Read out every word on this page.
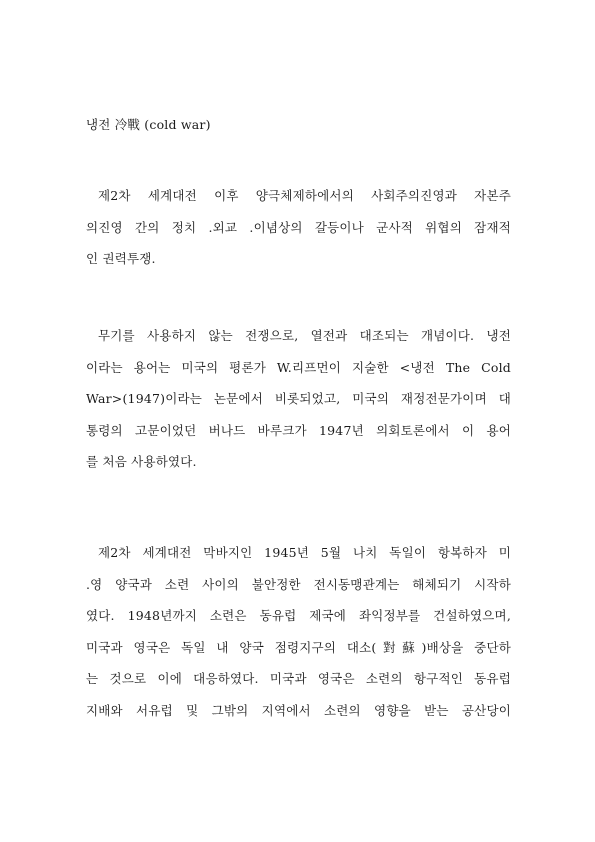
냉전 冷戰 (cold war)
제2차 세계대전 이후 양극체제하에서의 사회주의진영과 자본주
의진영 간의 정치 .외교 .이념상의 갈등이나 군사적 위협의 잠재적
인 권력투쟁.
무기를 사용하지 않는 전쟁으로, 열전과 대조되는 개념이다. 냉전
이라는 용어는 미국의 평론가 W.리프먼이 지술한 <냉전 The Cold
War>(1947)이라는 논문에서 비롯되었고, 미국의 재정전문가이며 대
통령의 고문이었던 버나드 바루크가 1947년 의회토론에서 이 용어
를 처음 사용하였다.
제2차 세계대전 막바지인 1945년 5월 나치 독일이 항복하자 미
.영 양국과 소련 사이의 불안정한 전시동맹관계는 해체되기 시작하
였다. 1948년까지 소련은 동유럽 제국에 좌익정부를 건설하였으며,
미국과 영국은 독일 내 양국 점령지구의 대소(對蘇)배상을 중단하
는 것으로 이에 대응하였다. 미국과 영국은 소련의 항구적인 동유럽
지배와 서유럽 및 그밖의 지역에서 소련의 영향을 받는 공산당이
